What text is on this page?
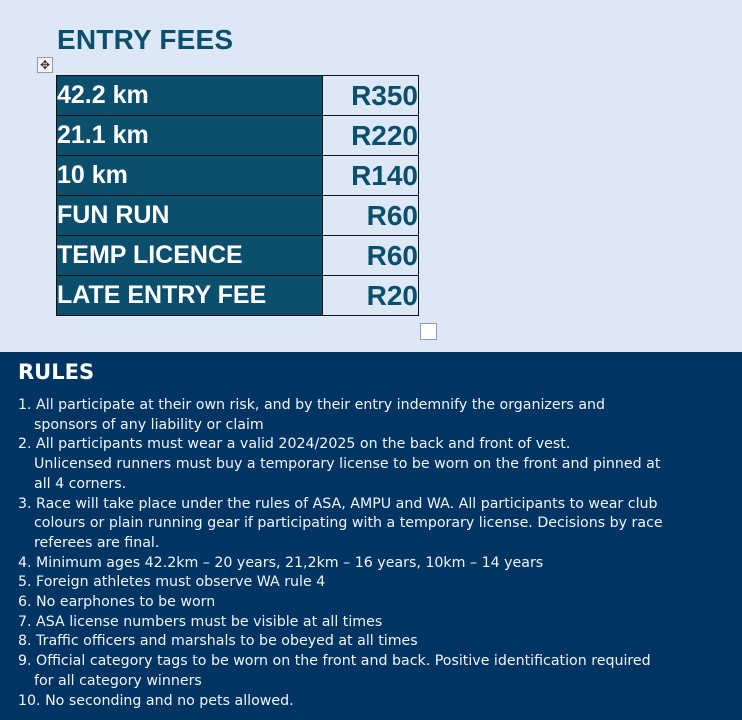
ENTRY FEES
✥
42.2 km	R350
21.1 km	R220
10 km	R140
FUN RUN	R60
TEMP LICENCE	R60
LATE ENTRY FEE	R20
RULES
1. All participate at their own risk, and by their entry indemnify the organizers and
sponsors of any liability or claim
2. All participants must wear a valid 2024/2025 on the back and front of vest.
Unlicensed runners must buy a temporary license to be worn on the front and pinned at
all 4 corners.
3. Race will take place under the rules of ASA, AMPU and WA. All participants to wear club
colours or plain running gear if participating with a temporary license. Decisions by race
referees are final.
4. Minimum ages 42.2km – 20 years, 21,2km – 16 years, 10km – 14 years
5. Foreign athletes must observe WA rule 4
6. No earphones to be worn
7. ASA license numbers must be visible at all times
8. Traffic officers and marshals to be obeyed at all times
9. Official category tags to be worn on the front and back. Positive identification required
for all category winners
10. No seconding and no pets allowed.
